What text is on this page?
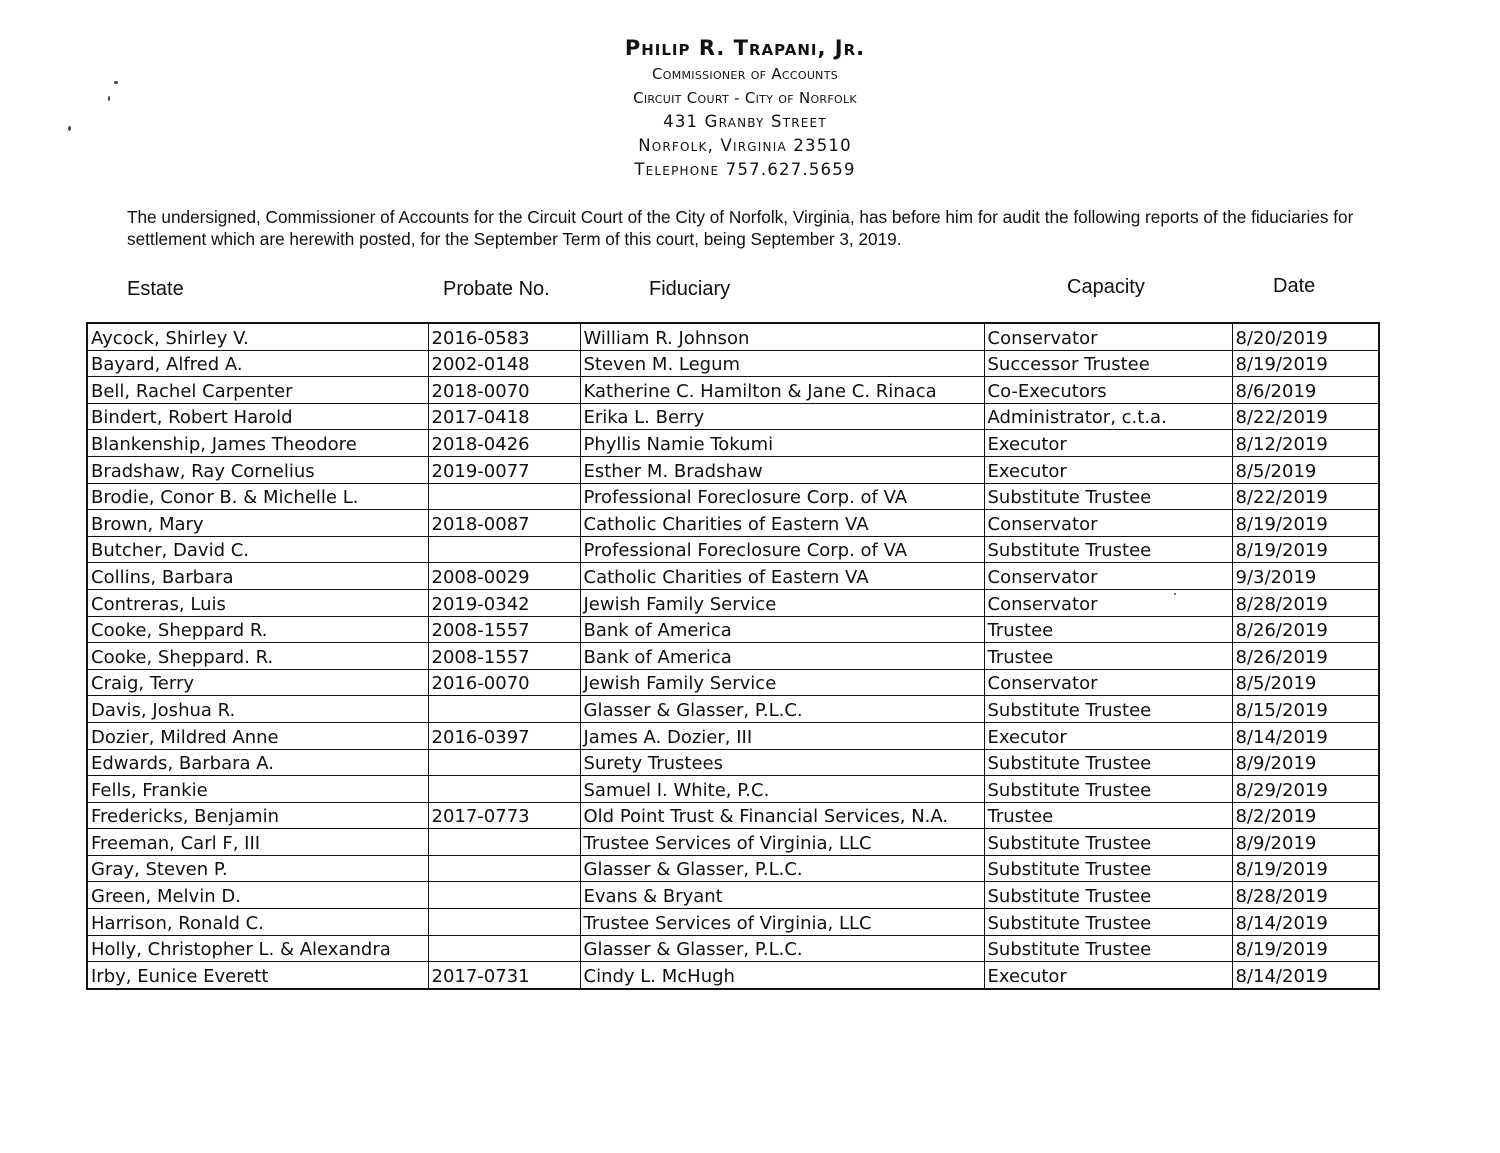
Philip R. Trapani, Jr.
Commissioner of Accounts
Circuit Court - City of Norfolk
431 Granby Street
Norfolk, Virginia 23510
Telephone 757.627.5659
The undersigned, Commissioner of Accounts for the Circuit Court of the City of Norfolk, Virginia, has before him for audit the following reports of the fiduciaries for settlement which are herewith posted, for the September Term of this court, being September 3, 2019.
Estate	Probate No.	Fiduciary	Capacity	Date
Aycock, Shirley V.	2016-0583	William R. Johnson	Conservator	8/20/2019
Bayard, Alfred A.	2002-0148	Steven M. Legum	Successor Trustee	8/19/2019
Bell, Rachel Carpenter	2018-0070	Katherine C. Hamilton & Jane C. Rinaca	Co-Executors	8/6/2019
Bindert, Robert Harold	2017-0418	Erika L. Berry	Administrator, c.t.a.	8/22/2019
Blankenship, James Theodore	2018-0426	Phyllis Namie Tokumi	Executor	8/12/2019
Bradshaw, Ray Cornelius	2019-0077	Esther M. Bradshaw	Executor	8/5/2019
Brodie, Conor B. & Michelle L.		Professional Foreclosure Corp. of VA	Substitute Trustee	8/22/2019
Brown, Mary	2018-0087	Catholic Charities of Eastern VA	Conservator	8/19/2019
Butcher, David C.		Professional Foreclosure Corp. of VA	Substitute Trustee	8/19/2019
Collins, Barbara	2008-0029	Catholic Charities of Eastern VA	Conservator	9/3/2019
Contreras, Luis	2019-0342	Jewish Family Service	Conservator	8/28/2019
Cooke, Sheppard R.	2008-1557	Bank of America	Trustee	8/26/2019
Cooke, Sheppard. R.	2008-1557	Bank of America	Trustee	8/26/2019
Craig, Terry	2016-0070	Jewish Family Service	Conservator	8/5/2019
Davis, Joshua R.		Glasser & Glasser, P.L.C.	Substitute Trustee	8/15/2019
Dozier, Mildred Anne	2016-0397	James A. Dozier, III	Executor	8/14/2019
Edwards, Barbara A.		Surety Trustees	Substitute Trustee	8/9/2019
Fells, Frankie		Samuel I. White, P.C.	Substitute Trustee	8/29/2019
Fredericks, Benjamin	2017-0773	Old Point Trust & Financial Services, N.A.	Trustee	8/2/2019
Freeman, Carl F, III		Trustee Services of Virginia, LLC	Substitute Trustee	8/9/2019
Gray, Steven P.		Glasser & Glasser, P.L.C.	Substitute Trustee	8/19/2019
Green, Melvin D.		Evans & Bryant	Substitute Trustee	8/28/2019
Harrison, Ronald C.		Trustee Services of Virginia, LLC	Substitute Trustee	8/14/2019
Holly, Christopher L. & Alexandra		Glasser & Glasser, P.L.C.	Substitute Trustee	8/19/2019
Irby, Eunice Everett	2017-0731	Cindy L. McHugh	Executor	8/14/2019
